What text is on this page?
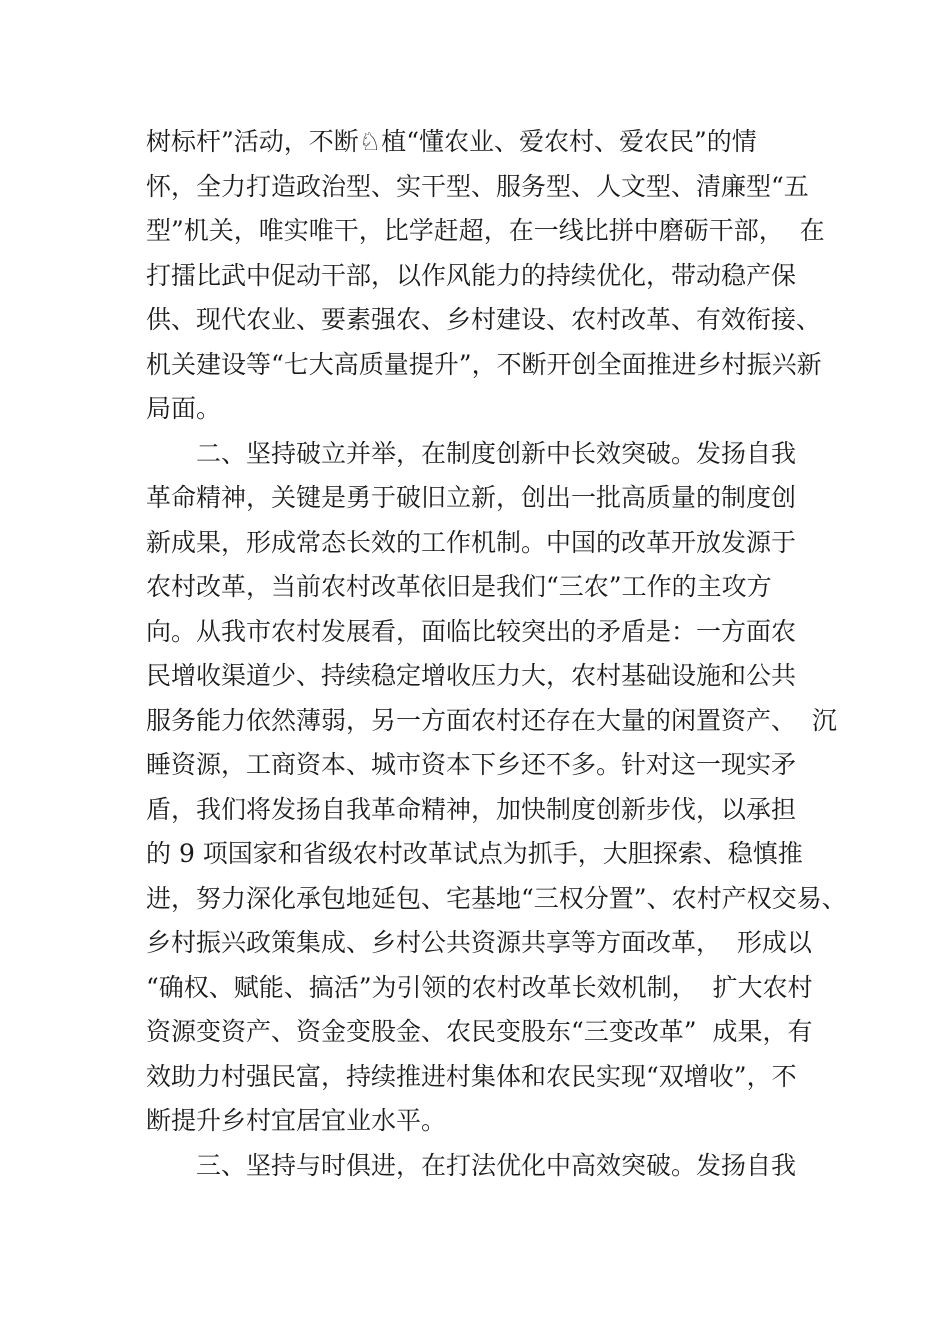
树标杆”活动，不断♘植“懂农业、爱农村、爱农民”的情
怀，全力打造政治型、实干型、服务型、人文型、清廉型“五
型”机关，唯实唯干，比学赶超，在一线比拼中磨砺干部，  在
打擂比武中促动干部，以作风能力的持续优化，带动稳产保
供、现代农业、要素强农、乡村建设、农村改革、有效衔接、
机关建设等“七大高质量提升”，不断开创全面推进乡村振兴新
局面。
二、坚持破立并举，在制度创新中长效突破。发扬自我
革命精神，关键是勇于破旧立新，创出一批高质量的制度创
新成果，形成常态长效的工作机制。中国的改革开放发源于
农村改革，当前农村改革依旧是我们“三农”工作的主攻方
向。从我市农村发展看，面临比较突出的矛盾是：一方面农
民增收渠道少、持续稳定增收压力大，农村基础设施和公共
服务能力依然薄弱，另一方面农村还存在大量的闲置资产、  沉
睡资源，工商资本、城市资本下乡还不多。针对这一现实矛
盾，我们将发扬自我革命精神，加快制度创新步伐，以承担
的 9 项国家和省级农村改革试点为抓手，大胆探索、稳慎推
进，努力深化承包地延包、宅基地“三权分置”、农村产权交易、
乡村振兴政策集成、乡村公共资源共享等方面改革，  形成以
“确权、赋能、搞活”为引领的农村改革长效机制，  扩大农村
资源变资产、资金变股金、农民变股东“三变改革”  成果，有
效助力村强民富，持续推进村集体和农民实现“双增收”，不
断提升乡村宜居宜业水平。
三、坚持与时俱进，在打法优化中高效突破。发扬自我
